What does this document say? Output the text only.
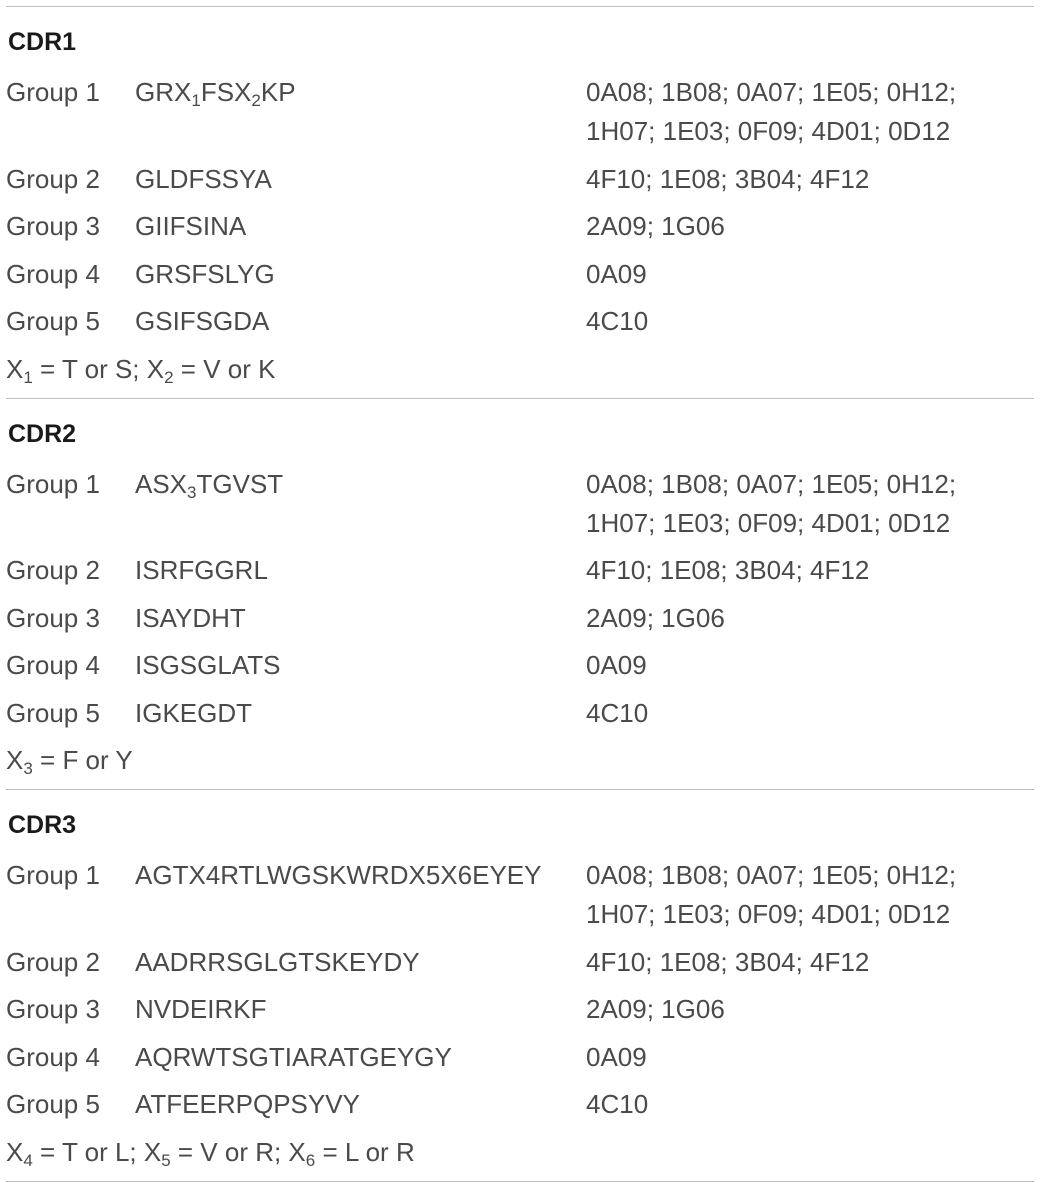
CDR1
Group 1	$GRX_1FSX_2KP$	0A08; 1B08; 0A07; 1E05; 0H12;
1H07; 1E03; 0F09; 4D01; 0D12
Group 2	GLDFSSYA	4F10; 1E08; 3B04; 4F12
Group 3	GIIFSINA	2A09; 1G06
Group 4	GRSFSLYG	0A09
Group 5	GSIFSGDA	4C10
$X_1 = T$ or S; $X_2 = V$ or K
CDR2
Group 1	$ASX_3TGVST$	0A08; 1B08; 0A07; 1E05; 0H12;
1H07; 1E03; 0F09; 4D01; 0D12
Group 2	ISRFGGRL	4F10; 1E08; 3B04; 4F12
Group 3	ISAYDHT	2A09; 1G06
Group 4	ISGSGLATS	0A09
Group 5	IGKEGDT	4C10
$X_3 = F$ or Y
CDR3
Group 1	AGTX4RTLWGSKWRDX5X6EYEY	0A08; 1B08; 0A07; 1E05; 0H12;
1H07; 1E03; 0F09; 4D01; 0D12
Group 2	AADRRSGLGTSKEYDY	4F10; 1E08; 3B04; 4F12
Group 3	NVDEIRKF	2A09; 1G06
Group 4	AQRWTSGTIARATGEYGY	0A09
Group 5	ATFEERPQPSYVY	4C10
$X_4 = T$ or L; $X_5 = V$ or R; $X_6 = L$ or R
